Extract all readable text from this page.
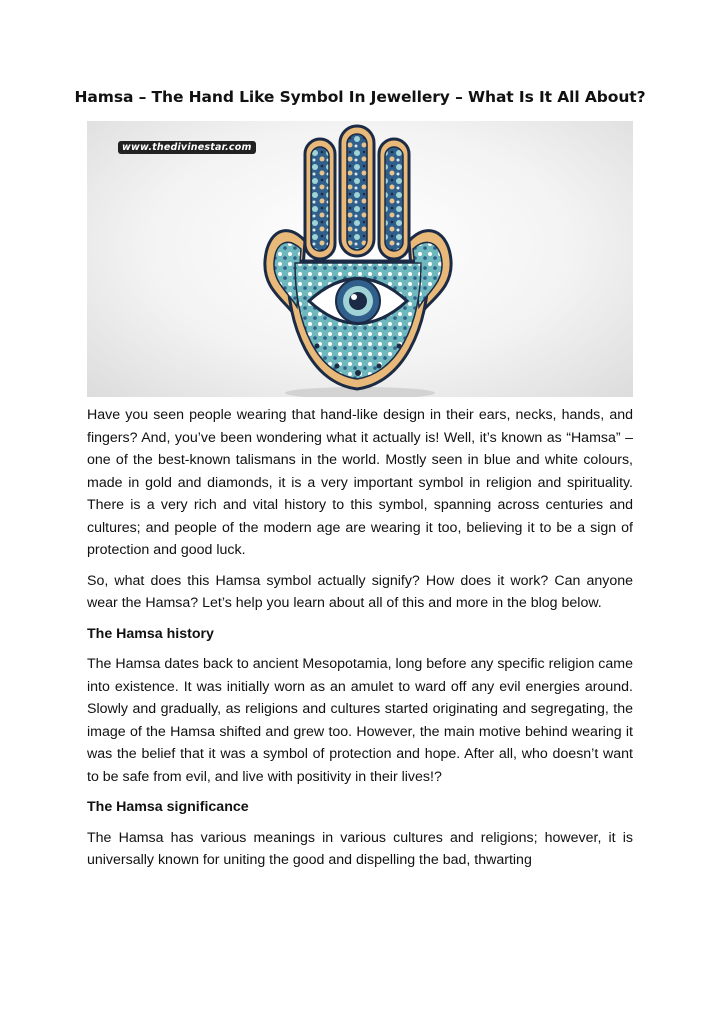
Hamsa – The Hand Like Symbol In Jewellery – What Is It All About?
www.thedivinestar.com

Have you seen people wearing that hand-like design in their ears, necks, hands, and fingers? And, you’ve been wondering what it actually is! Well, it’s known as “Hamsa” – one of the best-known talismans in the world. Mostly seen in blue and white colours, made in gold and diamonds, it is a very important symbol in religion and spirituality. There is a very rich and vital history to this symbol, spanning across centuries and cultures; and people of the modern age are wearing it too, believing it to be a sign of protection and good luck.

So, what does this Hamsa symbol actually signify? How does it work? Can anyone wear the Hamsa? Let’s help you learn about all of this and more in the blog below.

The Hamsa history

The Hamsa dates back to ancient Mesopotamia, long before any specific religion came into existence. It was initially worn as an amulet to ward off any evil energies around. Slowly and gradually, as religions and cultures started originating and segregating, the image of the Hamsa shifted and grew too. However, the main motive behind wearing it was the belief that it was a symbol of protection and hope. After all, who doesn’t want to be safe from evil, and live with positivity in their lives!?

The Hamsa significance

The Hamsa has various meanings in various cultures and religions; however, it is universally known for uniting the good and dispelling the bad, thwarting
